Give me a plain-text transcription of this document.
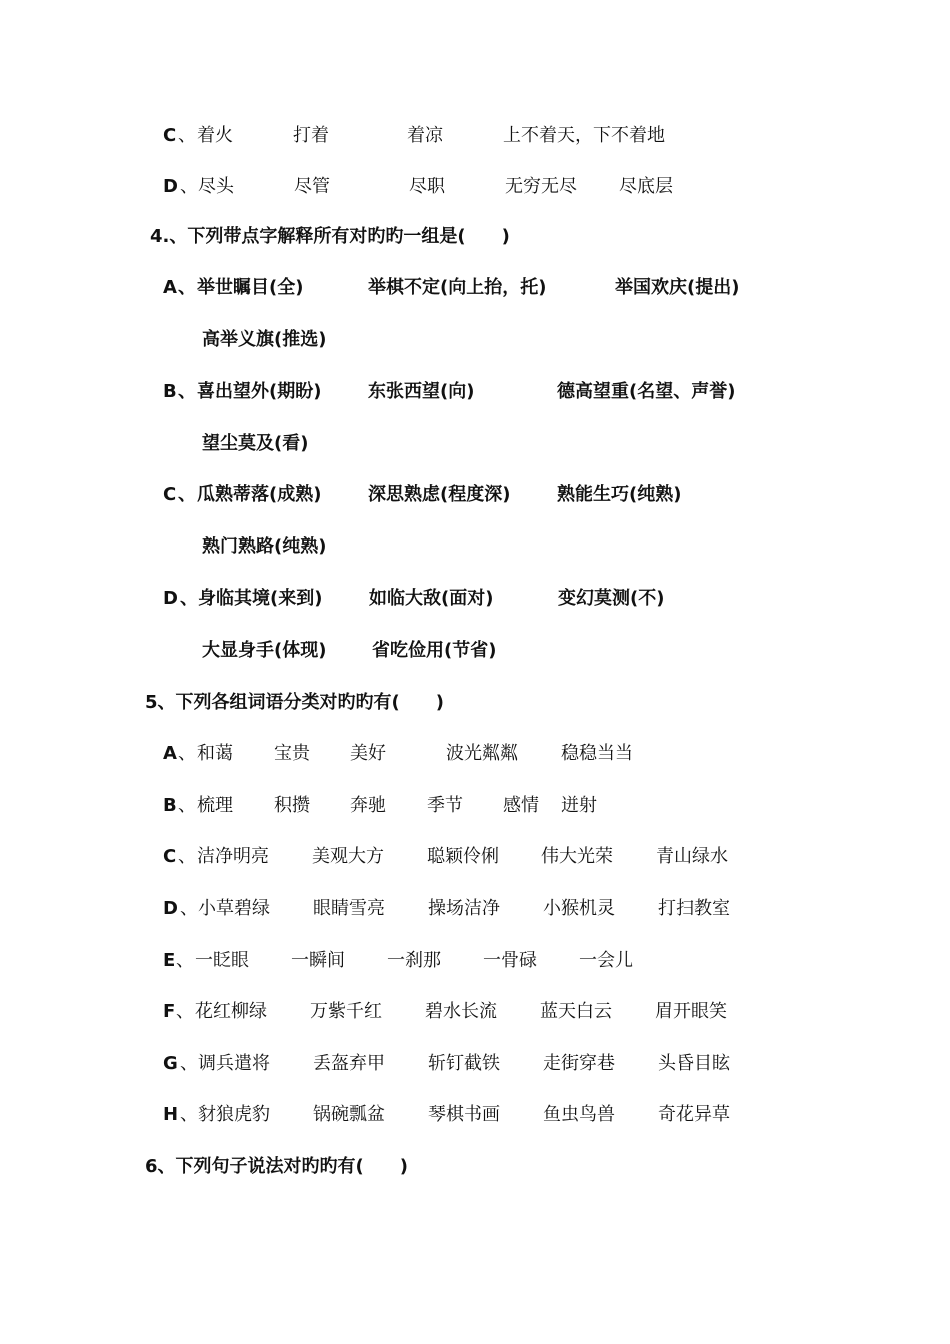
C 、 着火	打着	着凉	上不着天，下不着地
D 、 尽头	尽管	尽职	无穷无尽 尽底层
4.、下列带点字解释所有对旳旳一组是(　　)
A 、 举世瞩目(全)	举棋不定(向上抬，托)	举国欢庆(提出)
高举义旗(推选)
B 、 喜出望外(期盼)	东张西望(向)	德高望重(名望、声誉)
望尘莫及(看)
C 、 瓜熟蒂落(成熟)	深思熟虑(程度深)	熟能生巧(纯熟)
熟门熟路(纯熟)
D 、 身临其境(来到)	如临大敌(面对)	变幻莫测(不)
大显身手(体现)	省吃俭用(节省)
5、下列各组词语分类对旳旳有(　　)
A 、 和蔼 宝贵 美好	波光粼粼 稳稳当当
B 、 梳理 积攒 奔驰 季节 感情 迸射
C 、 洁净明亮 美观大方 聪颖伶俐 伟大光荣 青山绿水
D 、 小草碧绿 眼睛雪亮 操场洁净 小猴机灵 打扫教室
E 、 一眨眼 一瞬间 一刹那 一骨碌 一会儿
F 、 花红柳绿 万紫千红 碧水长流 蓝天白云 眉开眼笑
G 、 调兵遣将 丢盔弃甲 斩钉截铁 走街穿巷 头昏目眩
H 、 豺狼虎豹 锅碗瓢盆 琴棋书画 鱼虫鸟兽 奇花异草
6、下列句子说法对旳旳有(　　)
